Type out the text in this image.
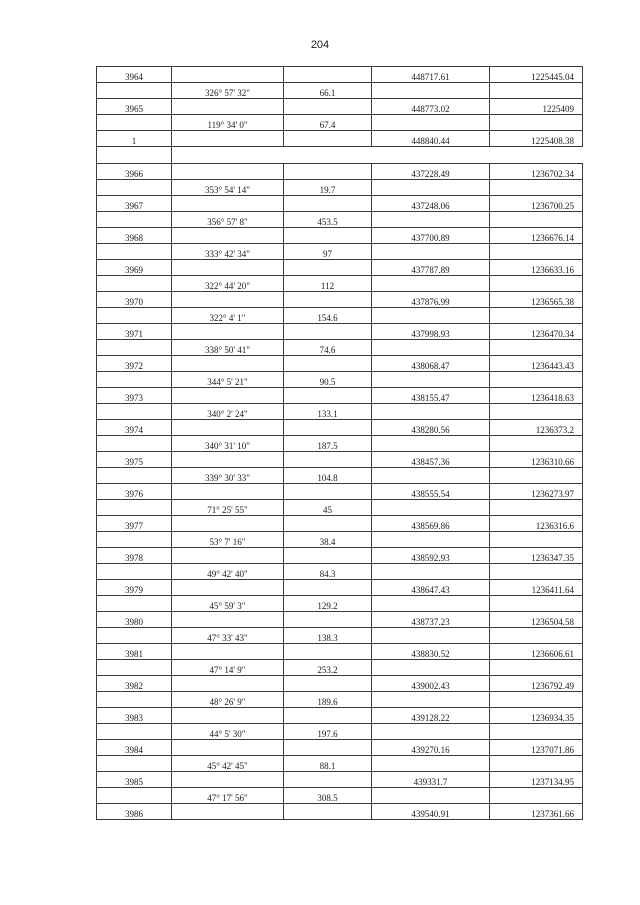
204
3964			448717.61	1225445.04
	326° 57' 32"	66.1		
3965			448773.02	1225409
	119° 34' 0"	67.4		
1			448840.44	1225408.38

3966			437228.49	1236702.34
	353° 54' 14"	19.7		
3967			437248.06	1236700.25
	356° 57' 8"	453.5		
3968			437700.89	1236676.14
	333° 42' 34"	97		
3969			437787.89	1236633.16
	322° 44' 20"	112		
3970			437876.99	1236565.38
	322° 4' 1"	154.6		
3971			437998.93	1236470.34
	338° 50' 41"	74.6		
3972			438068.47	1236443.43
	344° 5' 21"	90.5		
3973			438155.47	1236418.63
	340° 2' 24"	133.1		
3974			438280.56	1236373.2
	340° 31' 10"	187.5		
3975			438457.36	1236310.66
	339° 30' 33"	104.8		
3976			438555.54	1236273.97
	71° 25' 55"	45		
3977			438569.86	1236316.6
	53° 7' 16"	38.4		
3978			438592.93	1236347.35
	49° 42' 40"	84.3		
3979			438647.43	1236411.64
	45° 59' 3"	129.2		
3980			438737.23	1236504.58
	47° 33' 43"	138.3		
3981			438830.52	1236606.61
	47° 14' 9"	253.2		
3982			439002.43	1236792.49
	48° 26' 9"	189.6		
3983			439128.22	1236934.35
	44° 5' 30"	197.6		
3984			439270.16	1237071.86
	45° 42' 45"	88.1		
3985			439331.7	1237134.95
	47° 17' 56"	308.5		
3986			439540.91	1237361.66
